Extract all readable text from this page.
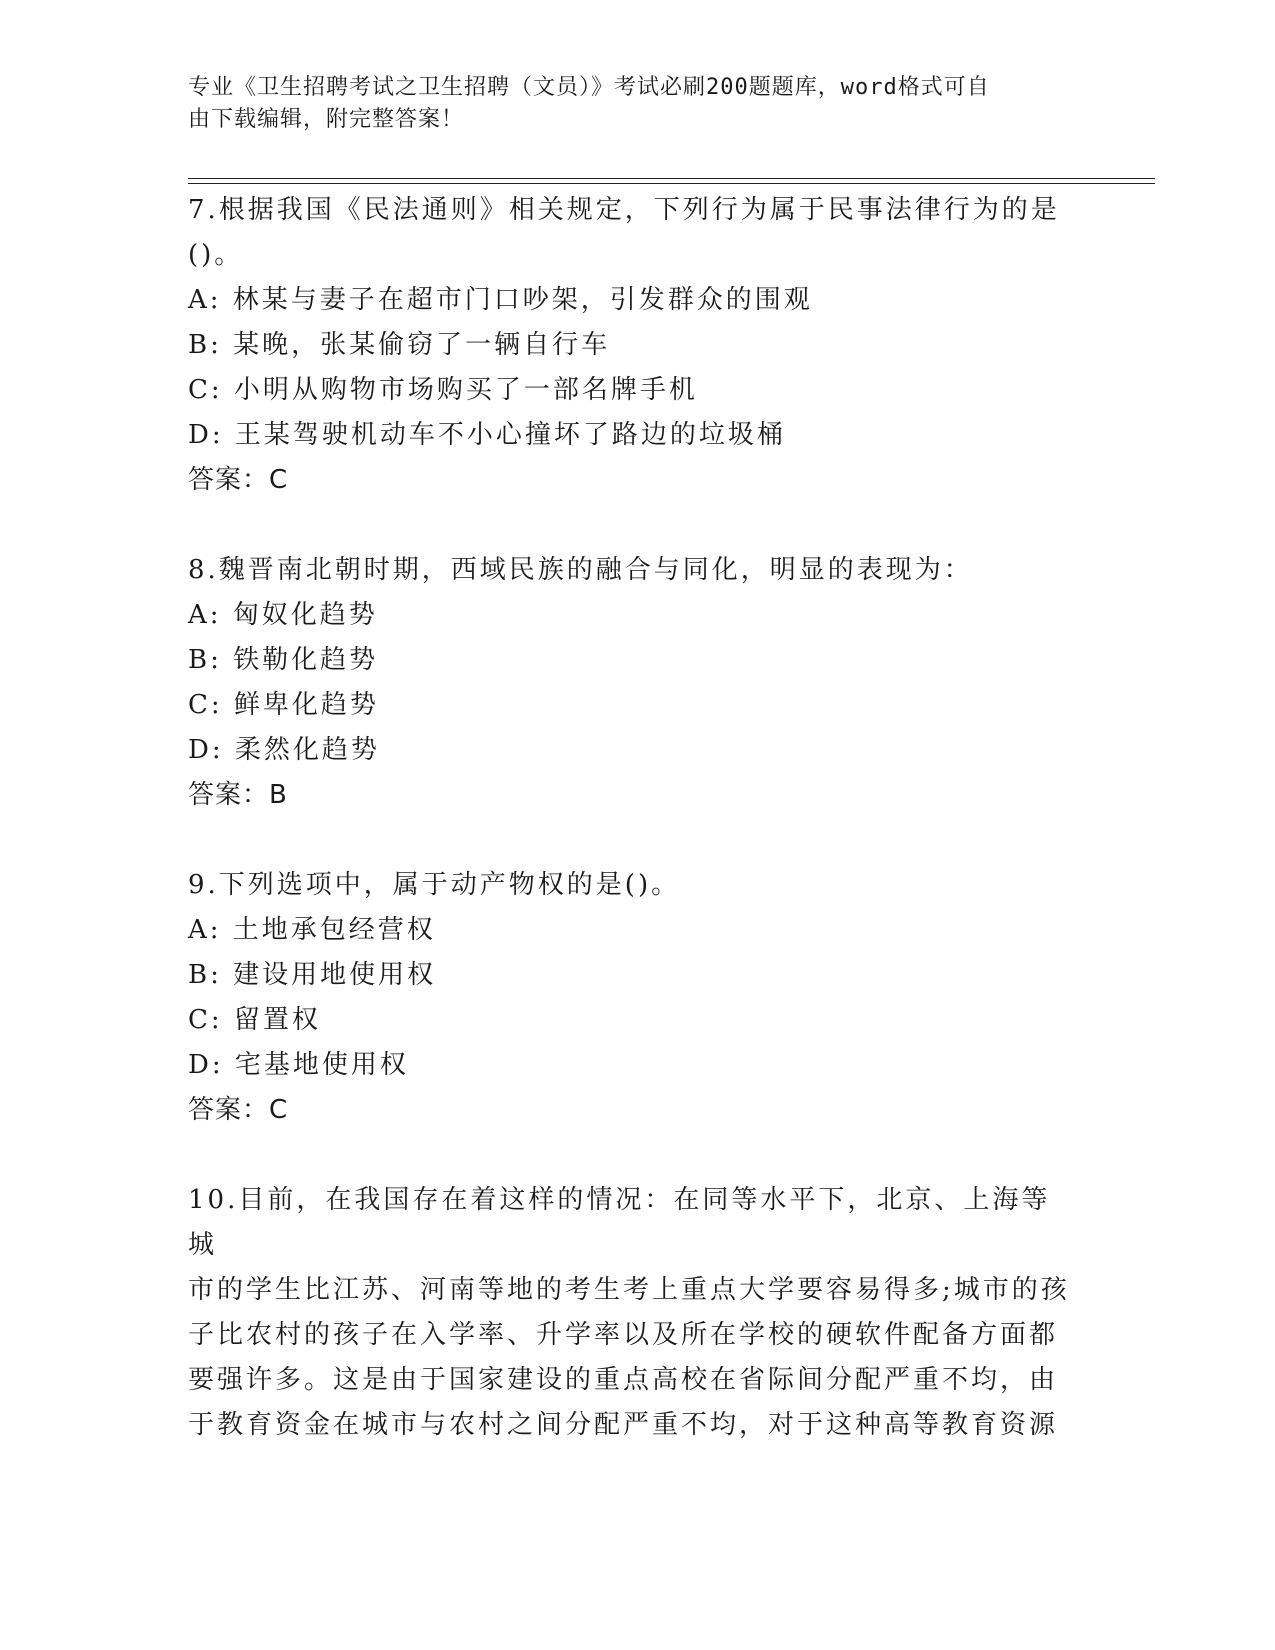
专业《卫生招聘考试之卫生招聘（文员）》考试必刷200题题库，word格式可自
由下载编辑，附完整答案！
7.根据我国《民法通则》相关规定，下列行为属于民事法律行为的是
()。
A: 林某与妻子在超市门口吵架，引发群众的围观
B: 某晚，张某偷窃了一辆自行车
C: 小明从购物市场购买了一部名牌手机
D: 王某驾驶机动车不小心撞坏了路边的垃圾桶
答案：C
8.魏晋南北朝时期，西域民族的融合与同化，明显的表现为：
A: 匈奴化趋势
B: 铁勒化趋势
C: 鲜卑化趋势
D: 柔然化趋势
答案：B
9.下列选项中，属于动产物权的是()。
A: 土地承包经营权
B: 建设用地使用权
C: 留置权
D: 宅基地使用权
答案：C
10.目前，在我国存在着这样的情况：在同等水平下，北京、上海等城
市的学生比江苏、河南等地的考生考上重点大学要容易得多;城市的孩
子比农村的孩子在入学率、升学率以及所在学校的硬软件配备方面都
要强许多。这是由于国家建设的重点高校在省际间分配严重不均，由
于教育资金在城市与农村之间分配严重不均，对于这种高等教育资源
